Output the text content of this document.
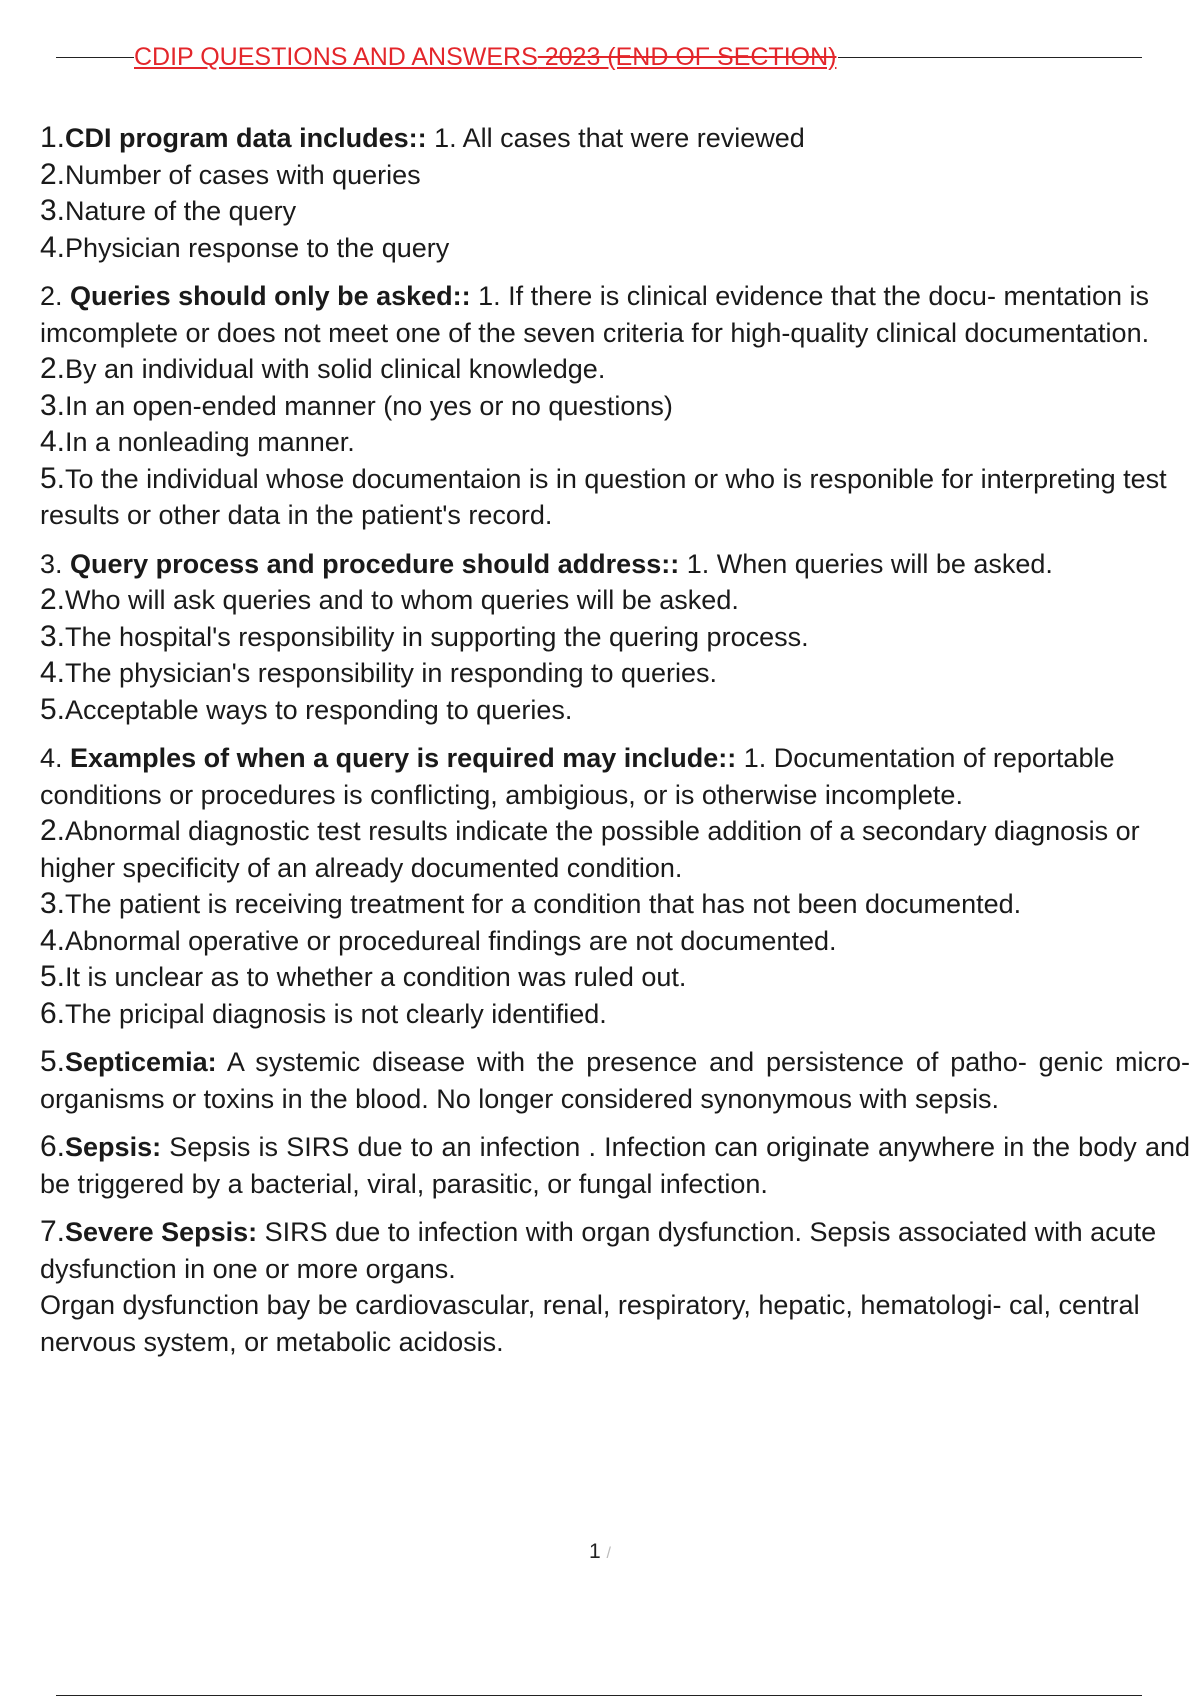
CDIP QUESTIONS AND ANSWERS 2023 (END OF SECTION)
1.CDI program data includes:: 1. All cases that were reviewed
2.Number of cases with queries
3.Nature of the query
4.Physician response to the query
2. Queries should only be asked:: 1. If there is clinical evidence that the docu- mentation is imcomplete or does not meet one of the seven criteria for high-quality clinical documentation.
2.By an individual with solid clinical knowledge.
3.In an open-ended manner (no yes or no questions)
4.In a nonleading manner.
5.To the individual whose documentaion is in question or who is responible for interpreting test results or other data in the patient's record.
3. Query process and procedure should address:: 1. When queries will be asked.
2.Who will ask queries and to whom queries will be asked.
3.The hospital's responsibility in supporting the quering process.
4.The physician's responsibility in responding to queries.
5.Acceptable ways to responding to queries.
4. Examples of when a query is required may include:: 1. Documentation of reportable conditions or procedures is conflicting, ambigious, or is otherwise incomplete.
2.Abnormal diagnostic test results indicate the possible addition of a secondary diagnosis or higher specificity of an already documented condition.
3.The patient is receiving treatment for a condition that has not been documented.
4.Abnormal operative or procedureal findings are not documented.
5.It is unclear as to whether a condition was ruled out.
6.The pricipal diagnosis is not clearly identified.
5.Septicemia: A systemic disease with the presence and persistence of patho- genic micro-organisms or toxins in the blood. No longer considered synonymous with sepsis.
6.Sepsis: Sepsis is SIRS due to an infection . Infection can originate anywhere in the body and be triggered by a bacterial, viral, parasitic, or fungal infection.
7.Severe Sepsis: SIRS due to infection with organ dysfunction. Sepsis associated with acute dysfunction in one or more organs.
Organ dysfunction bay be cardiovascular, renal, respiratory, hepatic, hematologi- cal, central nervous system, or metabolic acidosis.
1 /
